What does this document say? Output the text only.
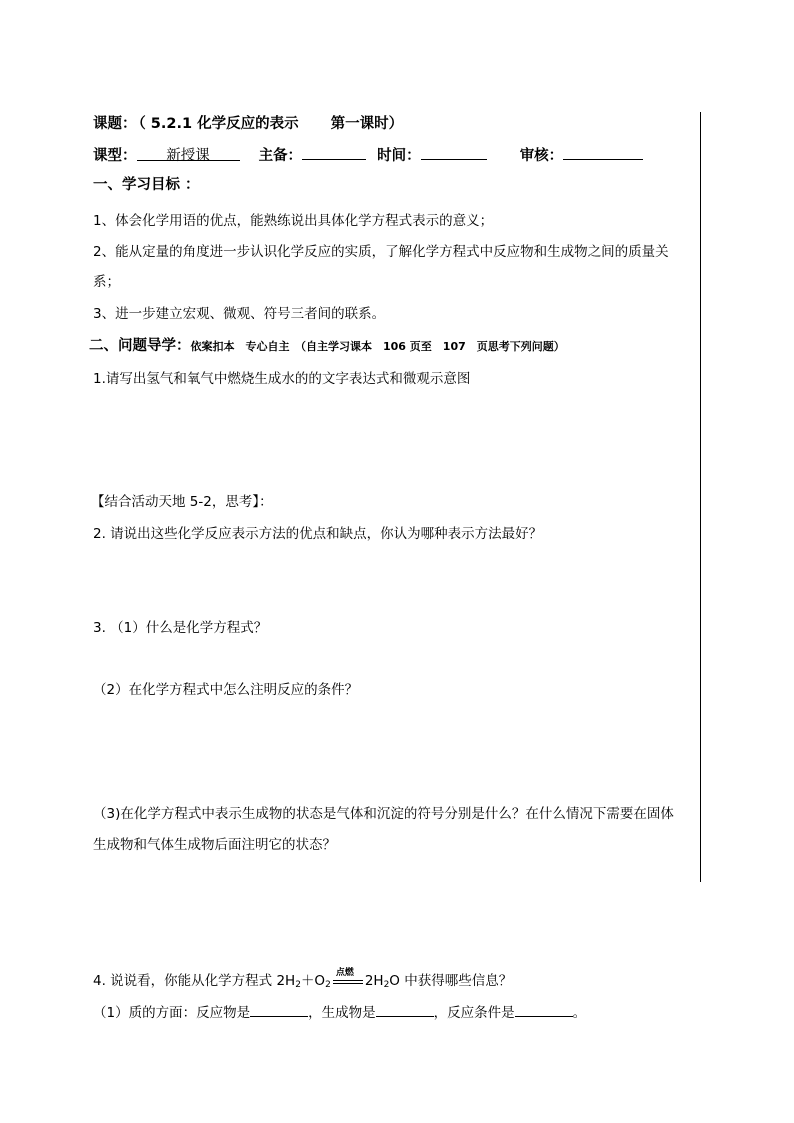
课题： （ 5.2.1 化学反应的表示 第一课时）
课型： 新授课	主备：	时间：	审核：
一、学习目标 ：
1、体会化学用语的优点，能熟练说出具体化学方程式表示的意义；
2、能从定量的角度进一步认识化学反应的实质，了解化学方程式中反应物和生成物之间的质量关
系；
3、进一步建立宏观、微观、符号三者间的联系。
二、问题导学：依案扣本　专心自主　（自主学习课本　106 页至　107　页思考下列问题）
1.请写出氢气和氧气中燃烧生成水的的文字表达式和微观示意图
【结合活动天地 5-2，思考】：
2. 请说出这些化学反应表示方法的优点和缺点，你认为哪种表示方法最好？
3. （1）什么是化学方程式？
（2）在化学方程式中怎么注明反应的条件？
（3)在化学方程式中表示生成物的状态是气体和沉淀的符号分别是什么？在什么情况下需要在固体
生成物和气体生成物后面注明它的状态？
4. 说说看，你能从化学方程式 $2H_2+O_2$
点燃 $2H_2O$ 中获得哪些信息？
（1）质的方面：反应物是	，生成物是	，反应条件是	。
